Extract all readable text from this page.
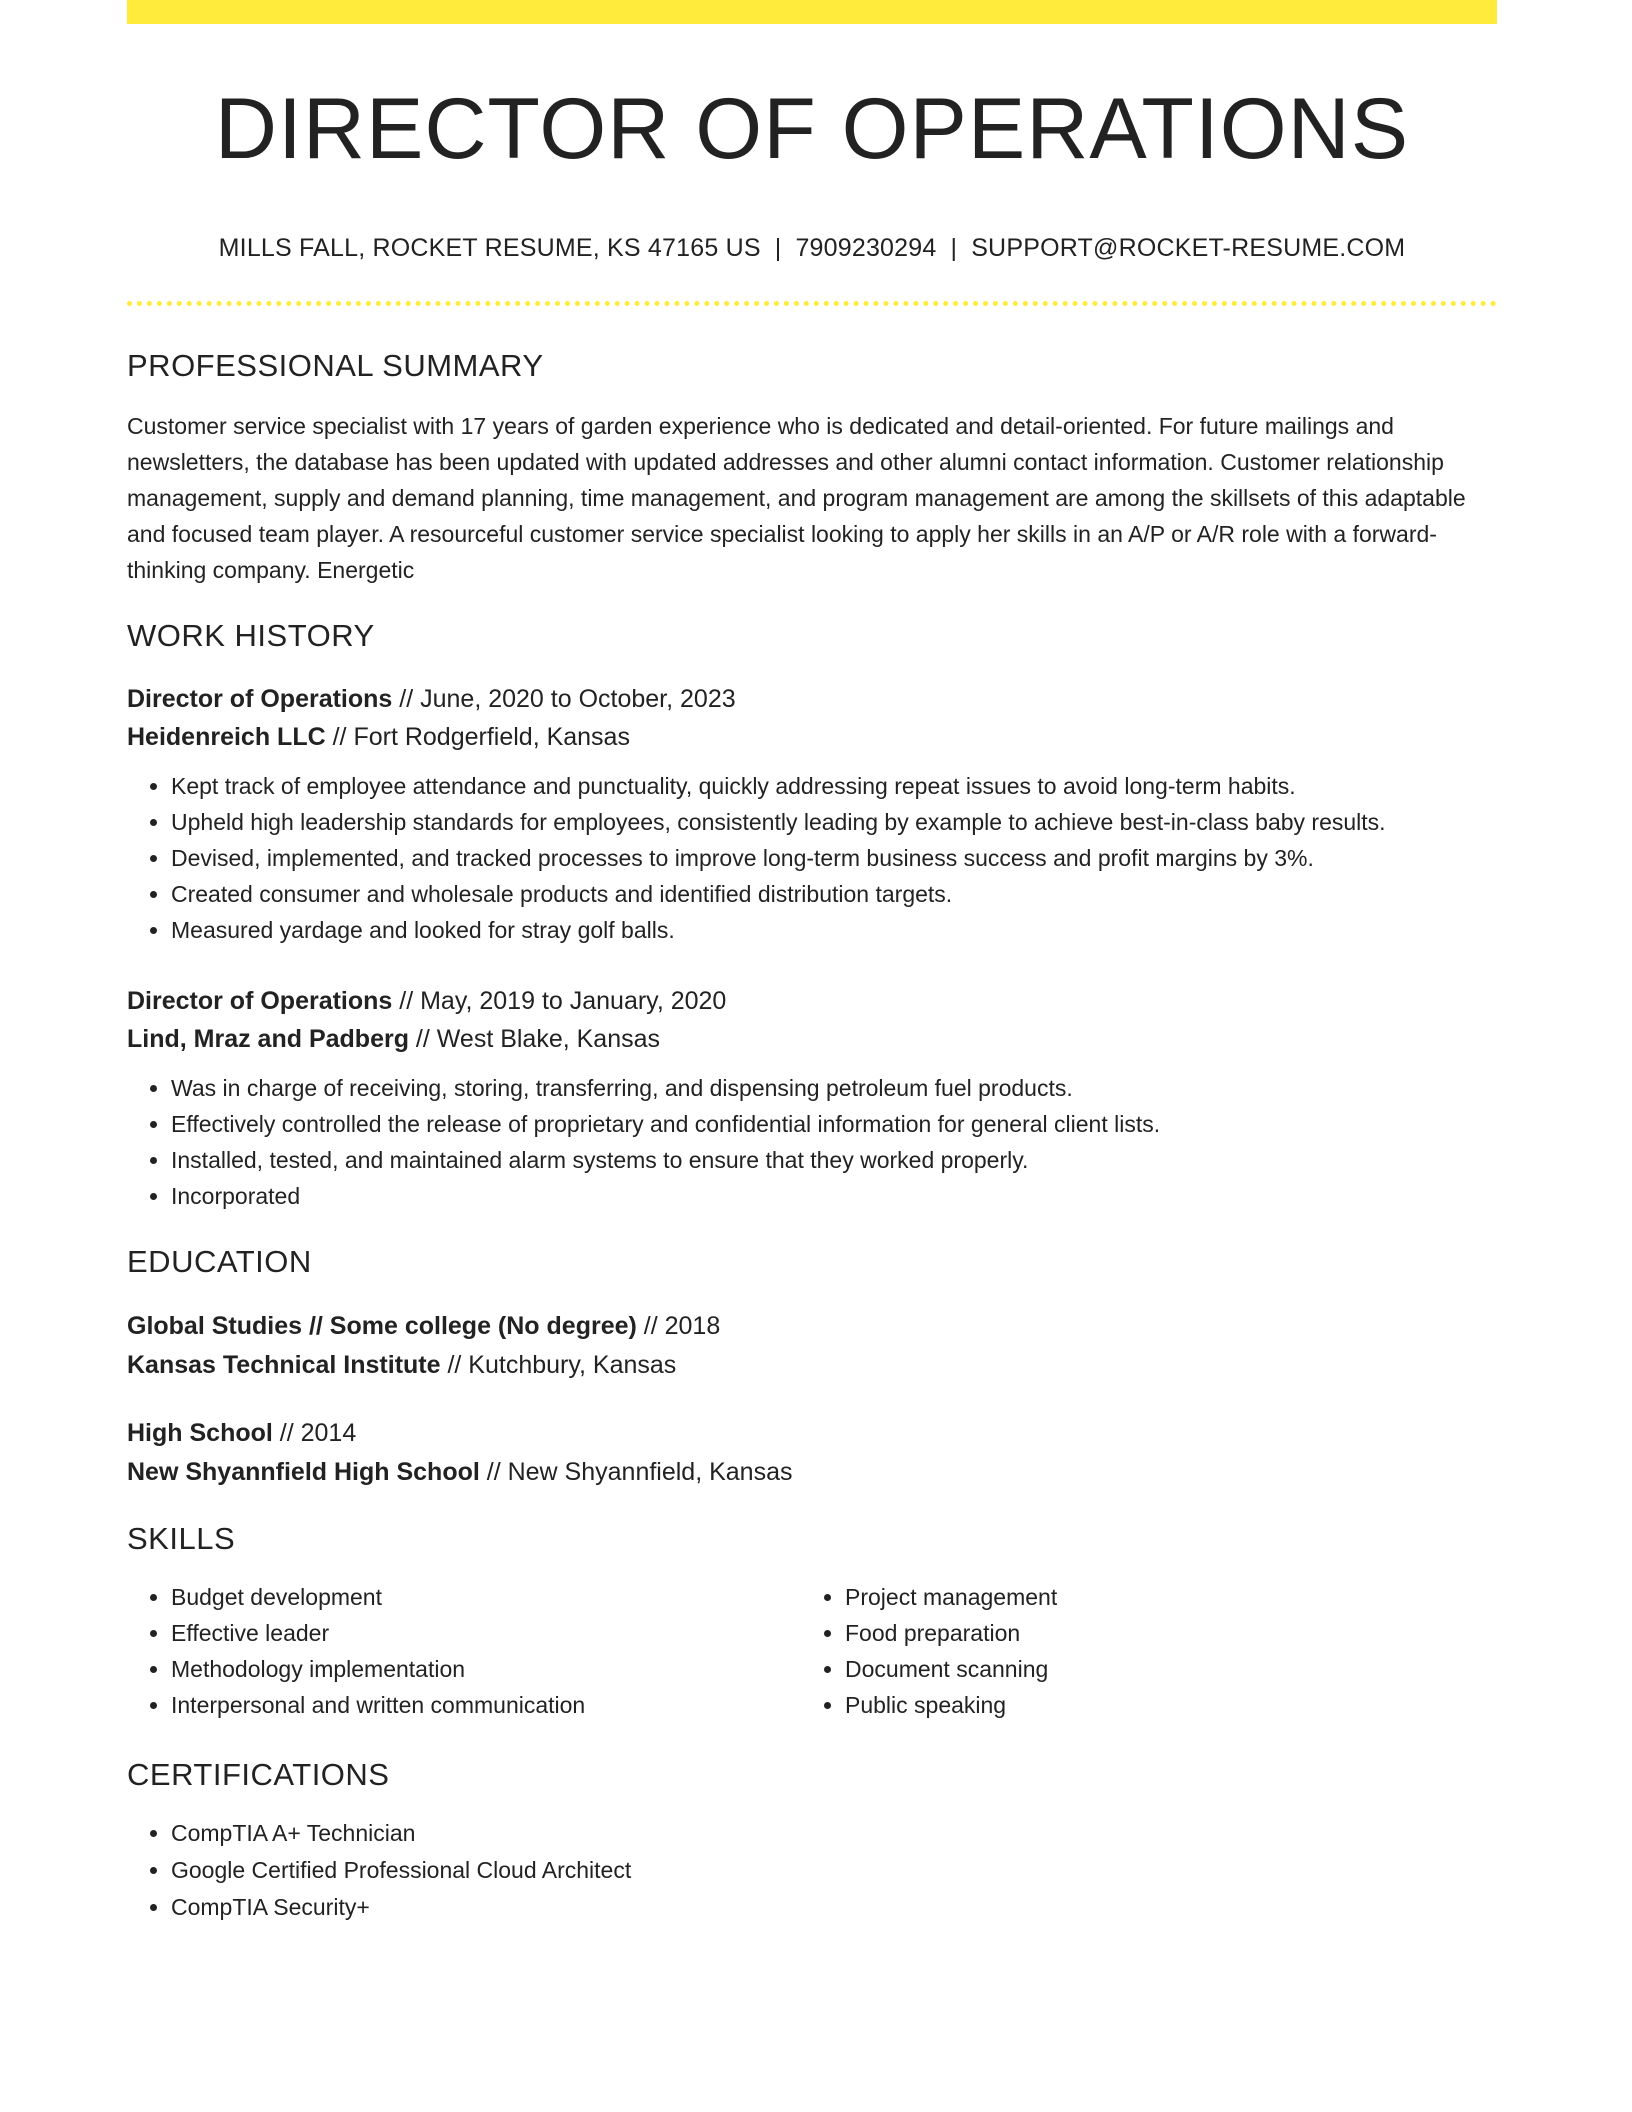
DIRECTOR OF OPERATIONS
MILLS FALL, ROCKET RESUME, KS 47165 US | 7909230294 | SUPPORT@ROCKET-RESUME.COM
PROFESSIONAL SUMMARY
Customer service specialist with 17 years of garden experience who is dedicated and detail-oriented. For future mailings and newsletters, the database has been updated with updated addresses and other alumni contact information. Customer relationship management, supply and demand planning, time management, and program management are among the skillsets of this adaptable and focused team player. A resourceful customer service specialist looking to apply her skills in an A/P or A/R role with a forward-thinking company. Energetic
WORK HISTORY
Director of Operations // June, 2020 to October, 2023
Heidenreich LLC // Fort Rodgerfield, Kansas
• Kept track of employee attendance and punctuality, quickly addressing repeat issues to avoid long-term habits.
• Upheld high leadership standards for employees, consistently leading by example to achieve best-in-class baby results.
• Devised, implemented, and tracked processes to improve long-term business success and profit margins by 3%.
• Created consumer and wholesale products and identified distribution targets.
• Measured yardage and looked for stray golf balls.
Director of Operations // May, 2019 to January, 2020
Lind, Mraz and Padberg // West Blake, Kansas
• Was in charge of receiving, storing, transferring, and dispensing petroleum fuel products.
• Effectively controlled the release of proprietary and confidential information for general client lists.
• Installed, tested, and maintained alarm systems to ensure that they worked properly.
• Incorporated
EDUCATION
Global Studies // Some college (No degree) // 2018
Kansas Technical Institute // Kutchbury, Kansas
High School // 2014
New Shyannfield High School // New Shyannfield, Kansas
SKILLS
• Budget development
• Effective leader
• Methodology implementation
• Interpersonal and written communication
• Project management
• Food preparation
• Document scanning
• Public speaking
CERTIFICATIONS
• CompTIA A+ Technician
• Google Certified Professional Cloud Architect
• CompTIA Security+
